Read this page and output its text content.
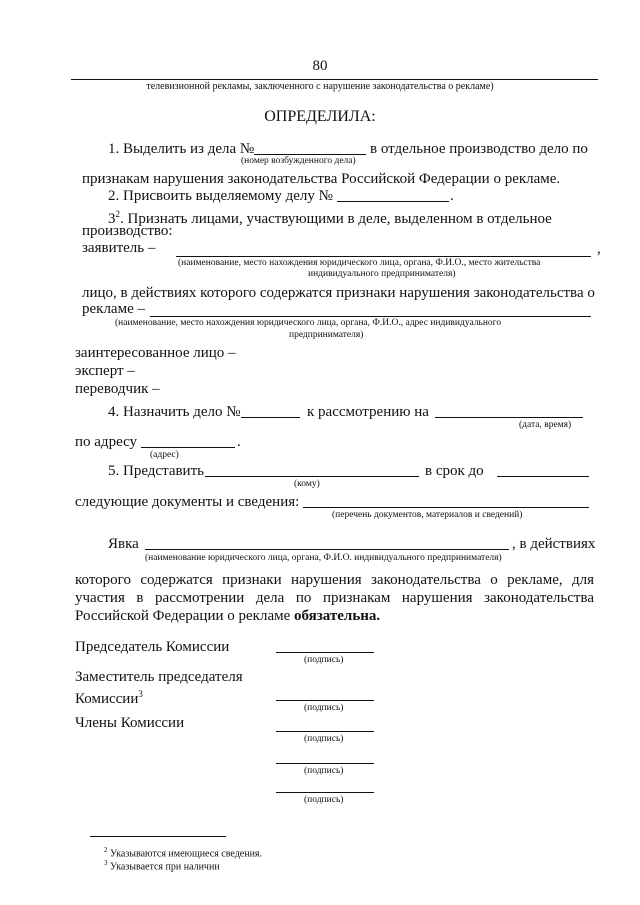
80
телевизионной рекламы, заключенного с нарушение законодательства о рекламе)
ОПРЕДЕЛИЛА:
1. Выделить из дела №	в отдельное производство дело по
(номер возбужденного дела)
признакам нарушения законодательства Российской Федерации о рекламе.
2. Присвоить выделяемому делу №	.
$3^2$. Признать лицами, участвующими в деле, выделенном в отдельное
производство:
заявитель –	,
(наименование, место нахождения юридического лица, органа, Ф.И.О., место жительства
индивидуального предпринимателя)
лицо, в действиях которого содержатся признаки нарушения законодательства о
рекламе –
(наименование, место нахождения юридического лица, органа, Ф.И.О., адрес индивидуального
предпринимателя)
заинтересованное лицо –
эксперт –
переводчик –
4. Назначить дело №	к рассмотрению на
(дата, время)
по адресу	.
(адрес)
5. Представить	в срок до
(кому)
следующие документы и сведения:
(перечень документов, материалов и сведений)
Явка	, в действиях
(наименование юридического лица, органа, Ф.И.О. индивидуального предпринимателя)
которого содержатся признаки нарушения законодательства о рекламе, для
участия в рассмотрении дела по признакам нарушения законодательства
Российской Федерации о рекламе обязательна.
Председатель Комиссии
(подпись)
Заместитель председателя
Комиссии$^3$
(подпись)
Члены Комиссии
(подпись)
(подпись)
(подпись)
$^2$ Указываются имеющиеся сведения.
$^3$ Указывается при наличии
